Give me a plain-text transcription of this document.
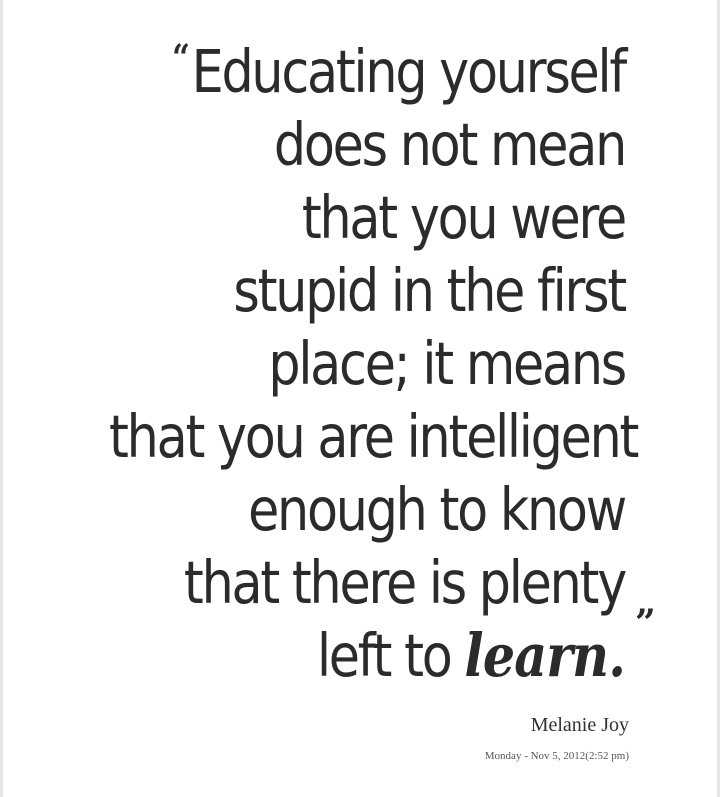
“Educating yourself
does not mean
that you were
stupid in the first
place; it means
that you are intelligent
enough to know
that there is plenty
left to learn. ”
Melanie Joy
Monday - Nov 5, 2012(2:52 pm)
